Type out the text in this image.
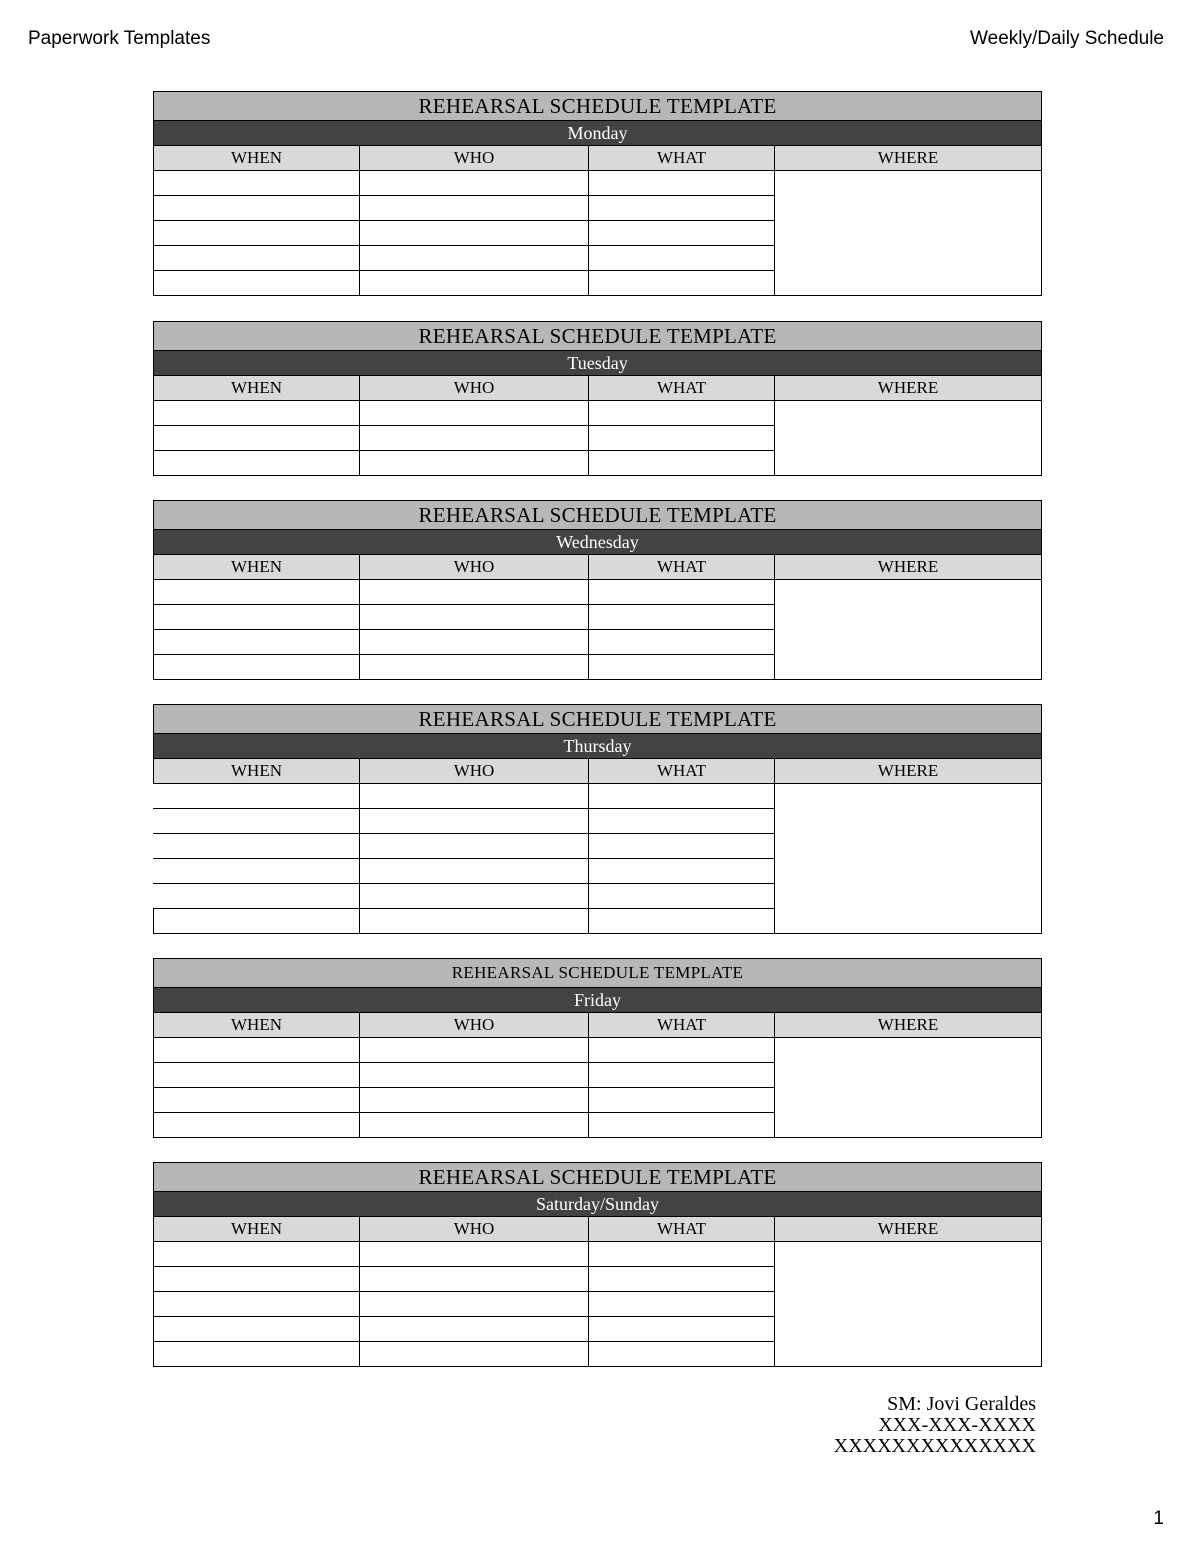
Paperwork Templates	Weekly/Daily Schedule
REHEARSAL SCHEDULE TEMPLATE			
Monday			
WHEN	WHO	WHAT	WHERE

REHEARSAL SCHEDULE TEMPLATE			
Tuesday			
WHEN	WHO	WHAT	WHERE

REHEARSAL SCHEDULE TEMPLATE			
Wednesday			
WHEN	WHO	WHAT	WHERE

REHEARSAL SCHEDULE TEMPLATE			
Thursday			
WHEN	WHO	WHAT	WHERE

REHEARSAL SCHEDULE TEMPLATE			
Friday			
WHEN	WHO	WHAT	WHERE

REHEARSAL SCHEDULE TEMPLATE			
Saturday/Sunday			
WHEN	WHO	WHAT	WHERE

SM: Jovi Geraldes
XXX-XXX-XXXX
XXXXXXXXXXXXXX
1
